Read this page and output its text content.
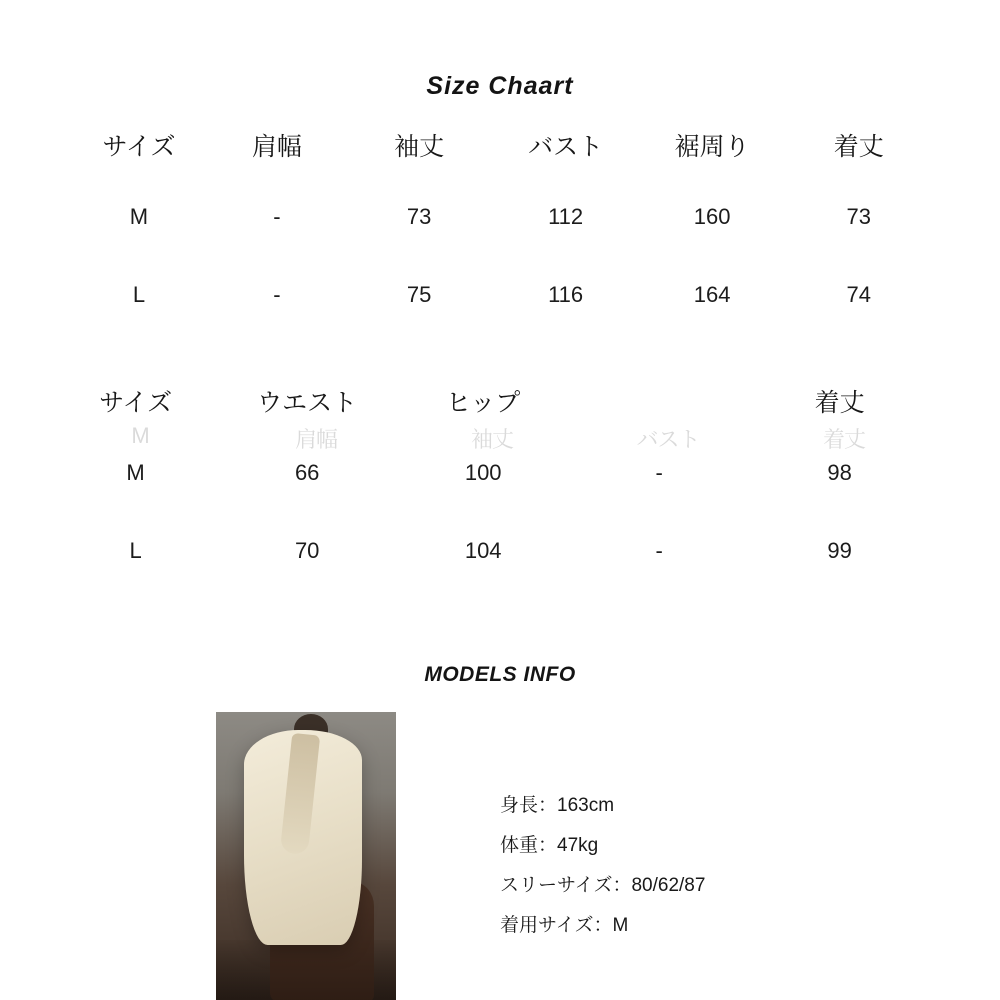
Size Chaart
サイズ	肩幅	袖丈	バスト	裾周り	着丈
M	-	73	112	160	73
L	-	75	116	164	74
サイズ	ウエスト	ヒップ		着丈
M	66	100	-	98
L	70	104	-	99
M	肩幅	袖丈	バスト	着丈
MODELS INFO
身長：163cm
体重：47kg
スリーサイズ：80/62/87
着用サイズ：M
